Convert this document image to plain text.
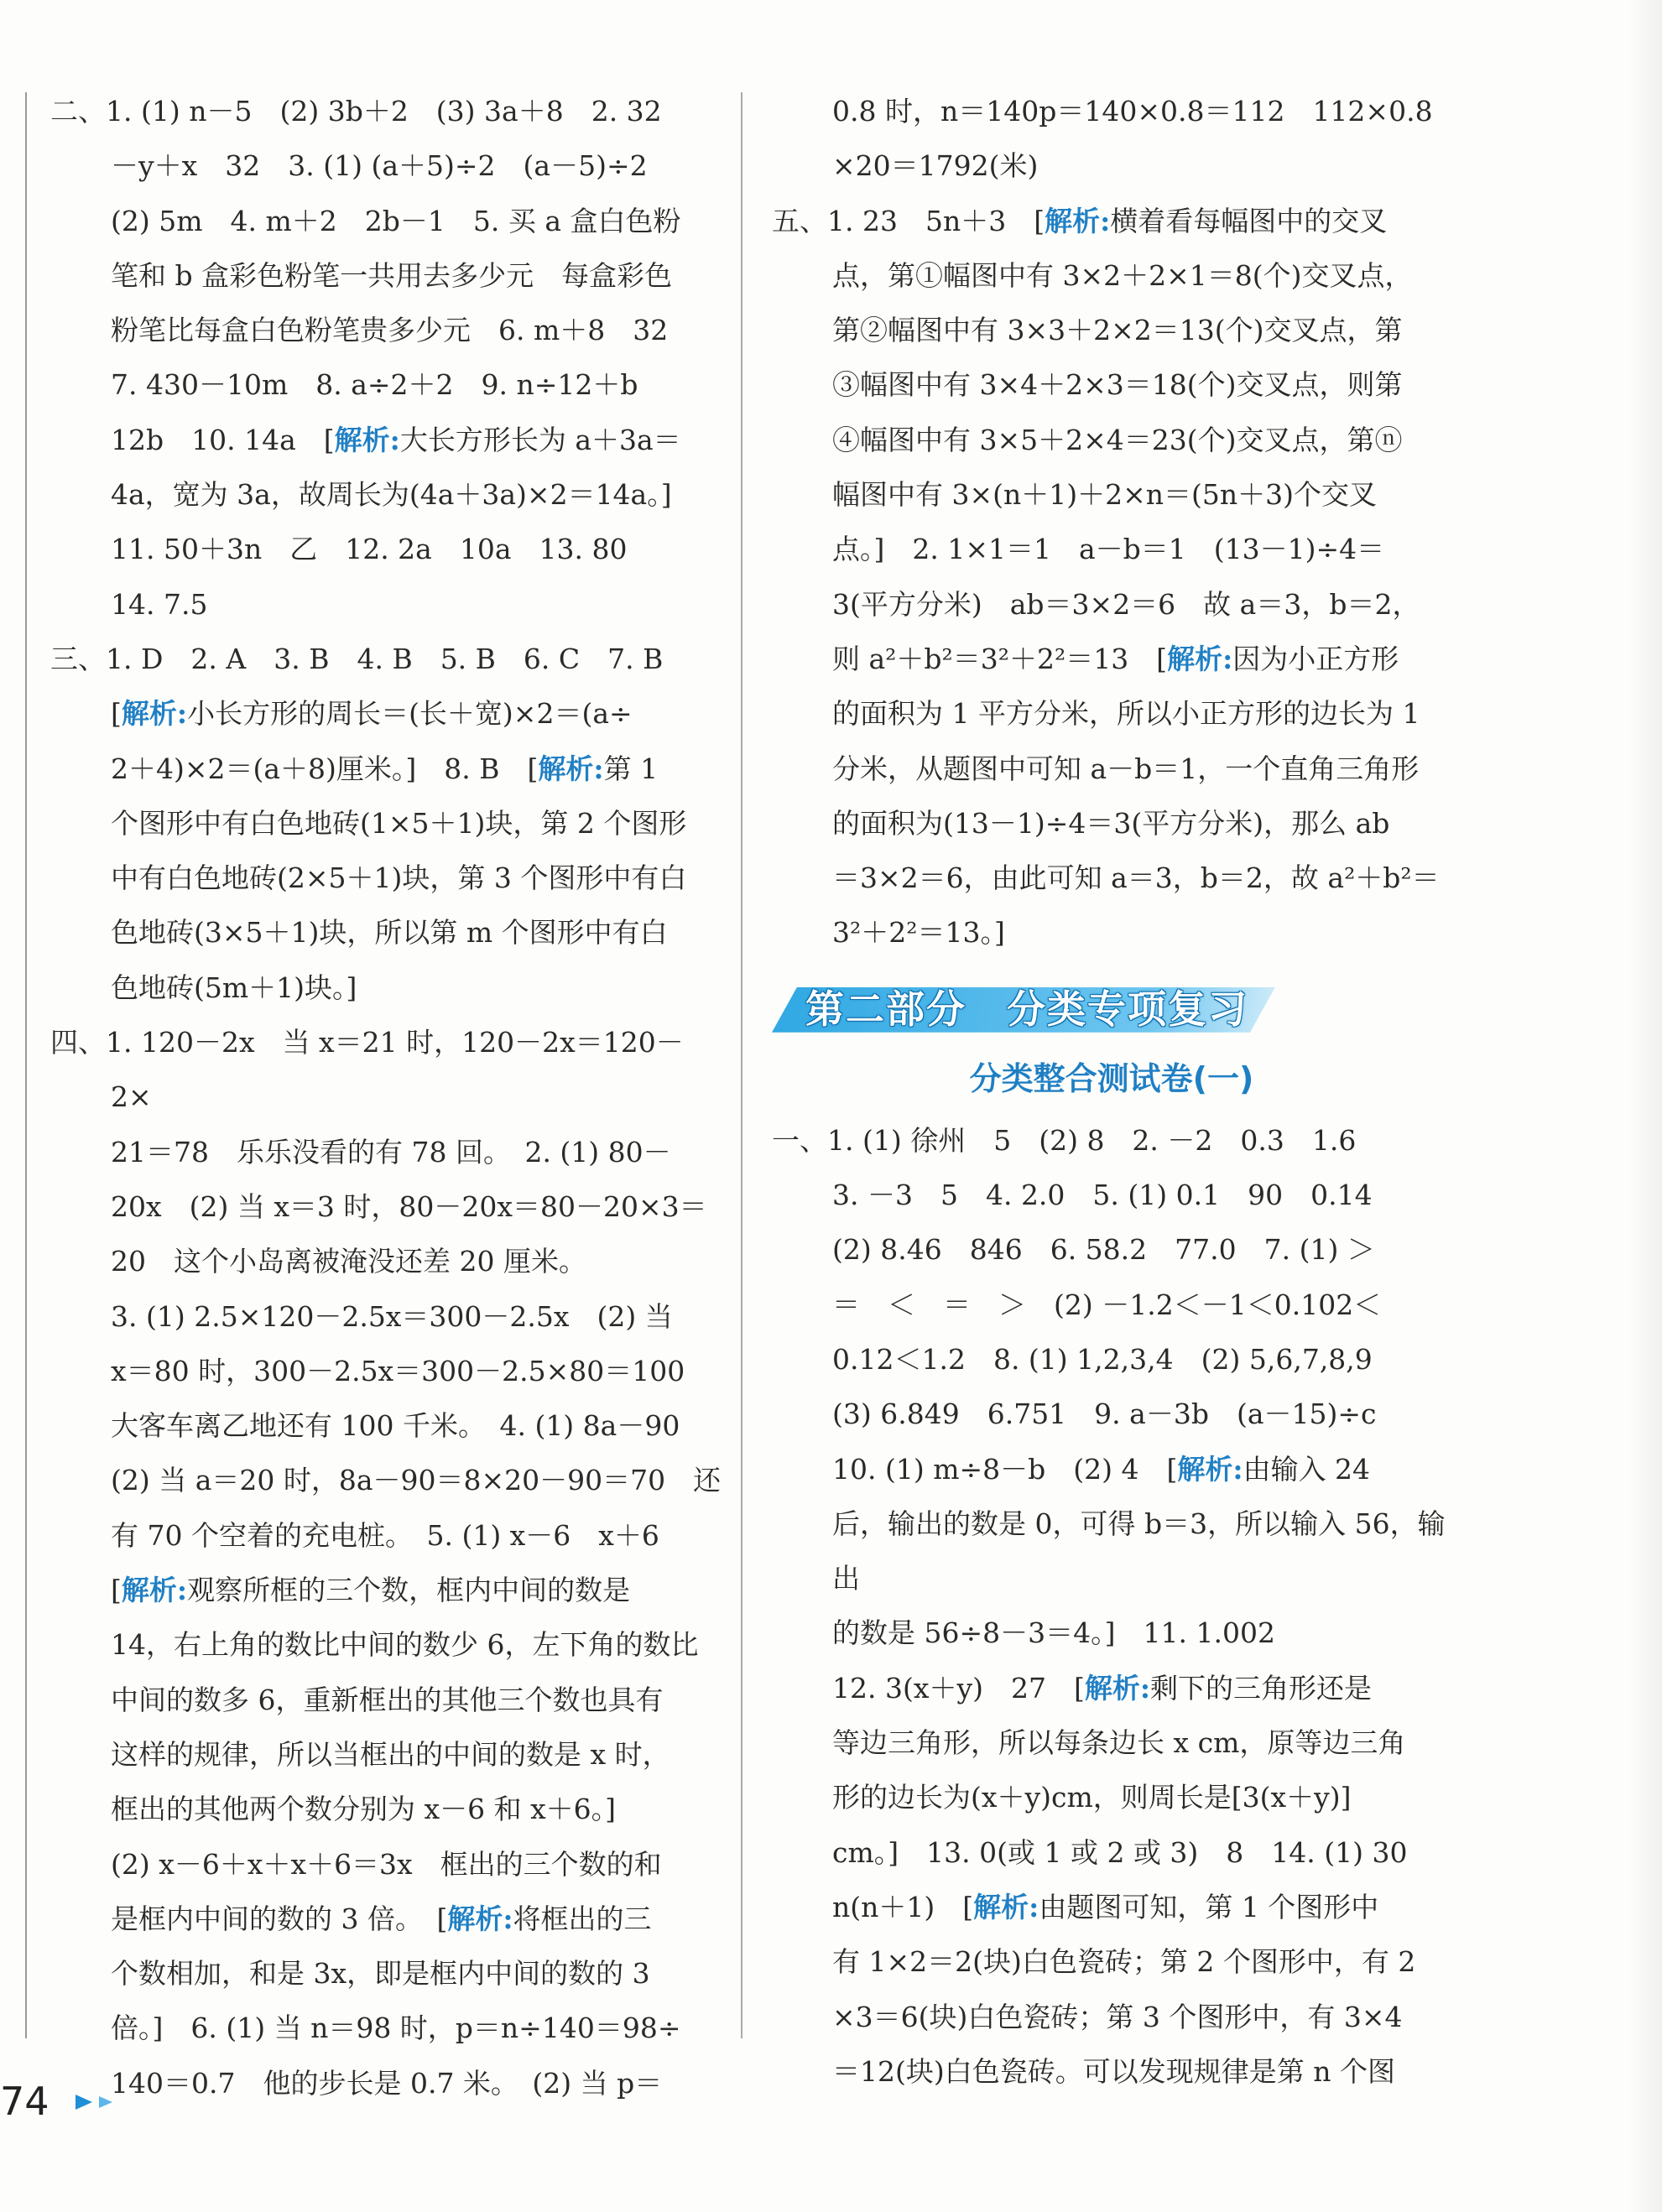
二、1. (1) n－5　(2) 3b＋2　(3) 3a＋8　2. 32

－y＋x　32　3. (1) (a＋5)÷2　(a－5)÷2

(2) 5m　4. m＋2　2b－1　5. 买 a 盒白色粉

笔和 b 盒彩色粉笔一共用去多少元　每盒彩色

粉笔比每盒白色粉笔贵多少元　6. m＋8　32

7. 430－10m　8. a÷2＋2　9. n÷12＋b

12b　10. 14a　[解析:大长方形长为 a＋3a＝

4a，宽为 3a，故周长为(4a＋3a)×2＝14a。]

11. 50＋3n　乙　12. 2a　10a　13. 80

14. 7.5

三、1. D　2. A　3. B　4. B　5. B　6. C　7. B

[解析:小长方形的周长＝(长＋宽)×2＝(a÷

2＋4)×2＝(a＋8)厘米。]　8. B　[解析:第 1

个图形中有白色地砖(1×5＋1)块，第 2 个图形

中有白色地砖(2×5＋1)块，第 3 个图形中有白

色地砖(3×5＋1)块，所以第 m 个图形中有白

色地砖(5m＋1)块。]

四、1. 120－2x　当 x＝21 时，120－2x＝120－2×

21＝78　乐乐没看的有 78 回。　2. (1) 80－

20x　(2) 当 x＝3 时，80－20x＝80－20×3＝

20　这个小岛离被淹没还差 20 厘米。

3. (1) 2.5×120－2.5x＝300－2.5x　(2) 当

x＝80 时，300－2.5x＝300－2.5×80＝100

大客车离乙地还有 100 千米。　4. (1) 8a－90

(2) 当 a＝20 时，8a－90＝8×20－90＝70　还

有 70 个空着的充电桩。　5. (1) x－6　x＋6

[解析:观察所框的三个数，框内中间的数是

14，右上角的数比中间的数少 6，左下角的数比

中间的数多 6，重新框出的其他三个数也具有

这样的规律，所以当框出的中间的数是 x 时，

框出的其他两个数分别为 x－6 和 x＋6。]

(2) x－6＋x＋x＋6＝3x　框出的三个数的和

是框内中间的数的 3 倍。　[解析:将框出的三

个数相加，和是 3x，即是框内中间的数的 3

倍。]　6. (1) 当 n＝98 时，p＝n÷140＝98÷

140＝0.7　他的步长是 0.7 米。　(2) 当 p＝

0.8 时，n＝140p＝140×0.8＝112　112×0.8

×20＝1792(米)

五、1. 23　5n＋3　[解析:横着看每幅图中的交叉

点，第①幅图中有 3×2＋2×1＝8(个)交叉点，

第②幅图中有 3×3＋2×2＝13(个)交叉点，第

③幅图中有 3×4＋2×3＝18(个)交叉点，则第

④幅图中有 3×5＋2×4＝23(个)交叉点，第ⓝ

幅图中有 3×(n＋1)＋2×n＝(5n＋3)个交叉

点。]　2. 1×1＝1　a－b＝1　(13－1)÷4＝

3(平方分米)　ab＝3×2＝6　故 a＝3，b＝2，

则 a²＋b²＝3²＋2²＝13　[解析:因为小正方形

的面积为 1 平方分米，所以小正方形的边长为 1

分米，从题图中可知 a－b＝1，一个直角三角形

的面积为(13－1)÷4＝3(平方分米)，那么 ab

＝3×2＝6，由此可知 a＝3，b＝2，故 a²＋b²＝

3²＋2²＝13。]

第二部分　分类专项复习
分类整合测试卷(一)

一、1. (1) 徐州　5　(2) 8　2. －2　0.3　1.6

3. －3　5　4. 2.0　5. (1) 0.1　90　0.14

(2) 8.46　846　6. 58.2　77.0　7. (1) ＞

＝　＜　＝　＞　(2) －1.2＜－1＜0.102＜

0.12＜1.2　8. (1) 1,2,3,4　(2) 5,6,7,8,9

(3) 6.849　6.751　9. a－3b　(a－15)÷c

10. (1) m÷8－b　(2) 4　[解析:由输入 24

后，输出的数是 0，可得 b＝3，所以输入 56，输出

的数是 56÷8－3＝4。]　11. 1.002

12. 3(x＋y)　27　[解析:剩下的三角形还是

等边三角形，所以每条边长 x cm，原等边三角

形的边长为(x＋y)cm，则周长是[3(x＋y)]

cm。]　13. 0(或 1 或 2 或 3)　8　14. (1) 30

n(n＋1)　[解析:由题图可知，第 1 个图形中

有 1×2＝2(块)白色瓷砖；第 2 个图形中，有 2

×3＝6(块)白色瓷砖；第 3 个图形中，有 3×4

＝12(块)白色瓷砖。可以发现规律是第 n 个图

74
